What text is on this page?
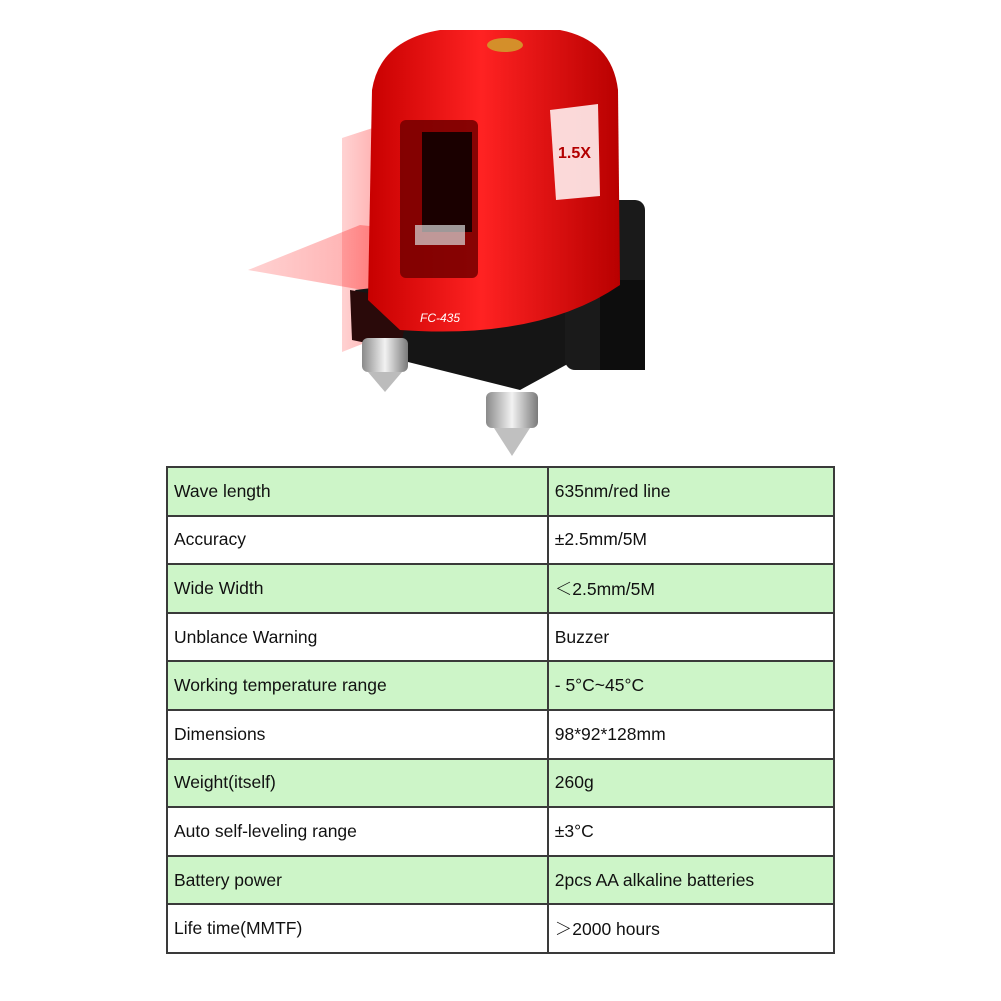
FC-435
1.5X
Wave length	635nm/red line
Accuracy	±2.5mm/5M
Wide Width	＜2.5mm/5M
Unblance Warning	Buzzer
Working temperature range	- 5°C~45°C
Dimensions	98*92*128mm
Weight(itself)	260g
Auto self-leveling range	±3°C
Battery power	2pcs AA alkaline batteries
Life time(MMTF)	＞2000 hours
